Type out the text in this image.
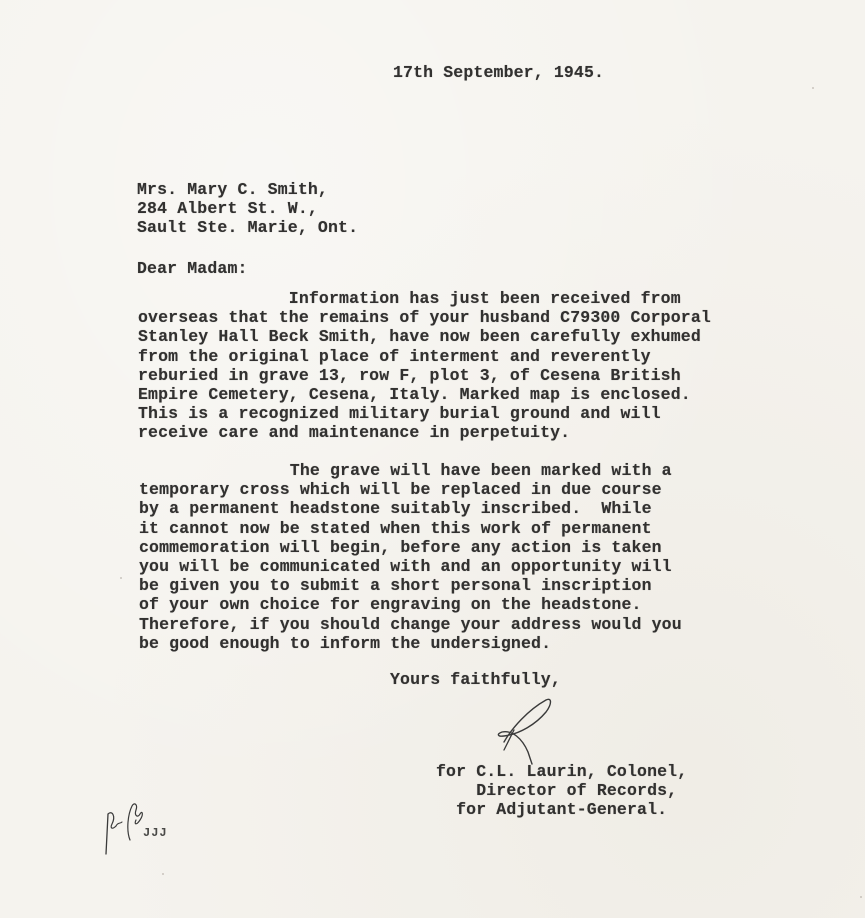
17th September, 1945.
Mrs. Mary C. Smith,
284 Albert St. W.,
Sault Ste. Marie, Ont.
Dear Madam:
Information has just been received from
overseas that the remains of your husband C79300 Corporal
Stanley Hall Beck Smith, have now been carefully exhumed
from the original place of interment and reverently
reburied in grave 13, row F, plot 3, of Cesena British
Empire Cemetery, Cesena, Italy. Marked map is enclosed.
This is a recognized military burial ground and will
receive care and maintenance in perpetuity.
The grave will have been marked with a
temporary cross which will be replaced in due course
by a permanent headstone suitably inscribed.  While
it cannot now be stated when this work of permanent
commemoration will begin, before any action is taken
you will be communicated with and an opportunity will
be given you to submit a short personal inscription
of your own choice for engraving on the headstone.
Therefore, if you should change your address would you
be good enough to inform the undersigned.
Yours faithfully,
for C.L. Laurin, Colonel,
Director of Records,
for Adjutant-General.
JJJ
